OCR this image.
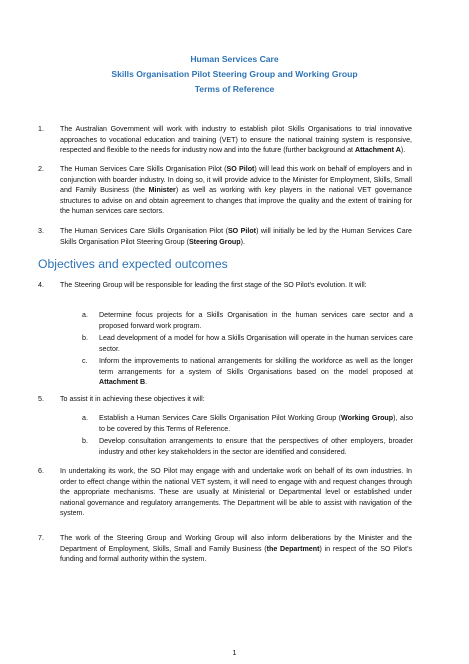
Human Services Care
Skills Organisation Pilot Steering Group and Working Group
Terms of Reference
1. The Australian Government will work with industry to establish pilot Skills Organisations to trial innovative approaches to vocational education and training (VET) to ensure the national training system is responsive, respected and flexible to the needs for industry now and into the future (further background at Attachment A).
2. The Human Services Care Skills Organisation Pilot (SO Pilot) will lead this work on behalf of employers and in conjunction with boarder industry. In doing so, it will provide advice to the Minister for Employment, Skills, Small and Family Business (the Minister) as well as working with key players in the national VET governance structures to advise on and obtain agreement to changes that improve the quality and the extent of training for the human services care sectors.
3. The Human Services Care Skills Organisation Pilot (SO Pilot) will initially be led by the Human Services Care Skills Organisation Pilot Steering Group (Steering Group).
Objectives and expected outcomes
4. The Steering Group will be responsible for leading the first stage of the SO Pilot’s evolution. It will:
a. Determine focus projects for a Skills Organisation in the human services care sector and a proposed forward work program.
b. Lead development of a model for how a Skills Organisation will operate in the human services care sector.
c. Inform the improvements to national arrangements for skilling the workforce as well as the longer term arrangements for a system of Skills Organisations based on the model proposed at Attachment B.
5. To assist it in achieving these objectives it will:
a. Establish a Human Services Care Skills Organisation Pilot Working Group (Working Group), also to be covered by this Terms of Reference.
b. Develop consultation arrangements to ensure that the perspectives of other employers, broader industry and other key stakeholders in the sector are identified and considered.
6. In undertaking its work, the SO Pilot may engage with and undertake work on behalf of its own industries. In order to effect change within the national VET system, it will need to engage with and request changes through the appropriate mechanisms. These are usually at Ministerial or Departmental level or established under national governance and regulatory arrangements. The Department will be able to assist with navigation of the system.
7. The work of the Steering Group and Working Group will also inform deliberations by the Minister and the Department of Employment, Skills, Small and Family Business (the Department) in respect of the SO Pilot’s funding and formal authority within the system.
1
